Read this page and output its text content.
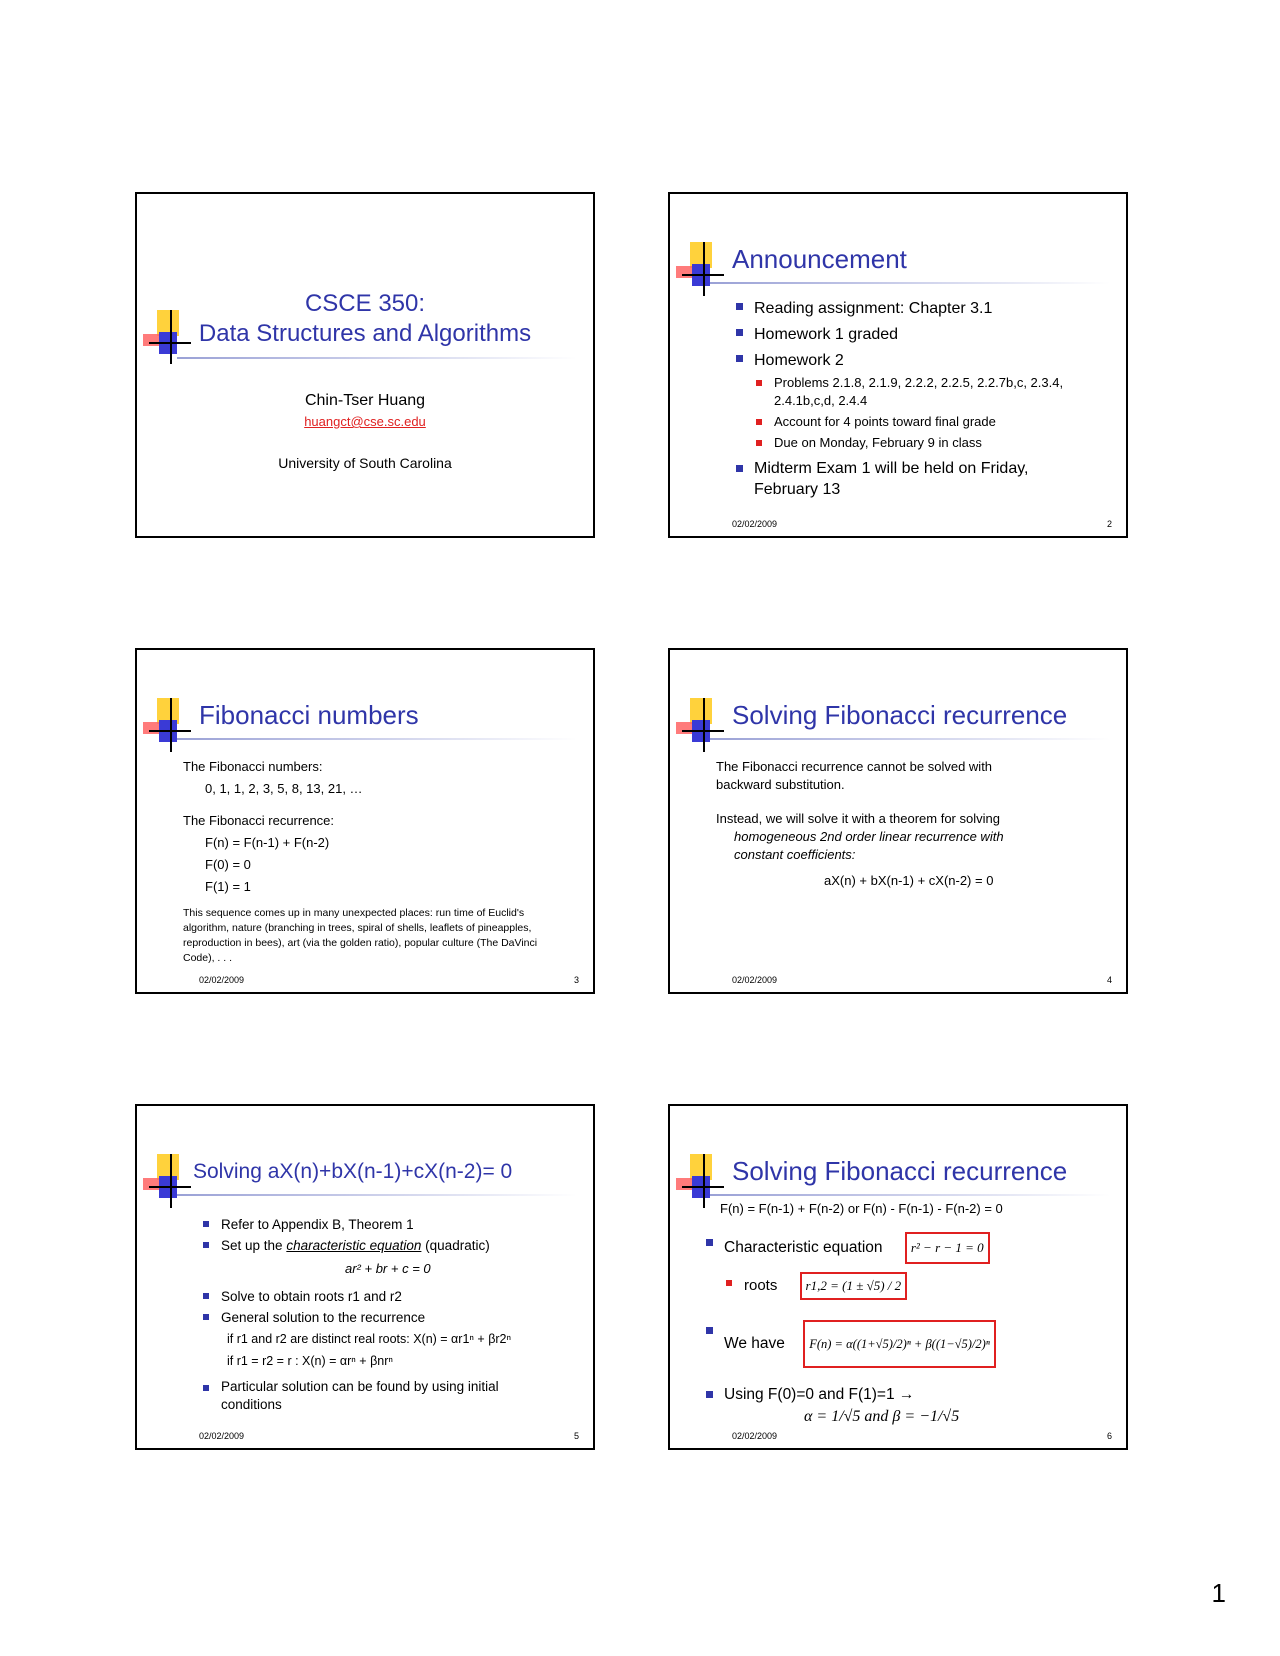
CSCE 350:
Data Structures and Algorithms
Chin-Tser Huang
huangct@cse.sc.edu
University of South Carolina
Announcement
Reading assignment: Chapter 3.1
Homework 1 graded
Homework 2
Problems 2.1.8, 2.1.9, 2.2.2, 2.2.5, 2.2.7b,c, 2.3.4, 2.4.1b,c,d, 2.4.4
Account for 4 points toward final grade
Due on Monday, February 9 in class
Midterm Exam 1 will be held on Friday, February 13
02/02/2009	2
Fibonacci numbers
The Fibonacci numbers:
0, 1, 1, 2, 3, 5, 8, 13, 21, …
The Fibonacci recurrence:
F(n) = F(n-1) + F(n-2)
F(0) = 0
F(1) = 1
This sequence comes up in many unexpected places: run time of Euclid's algorithm, nature (branching in trees, spiral of shells, leaflets of pineapples, reproduction in bees), art (via the golden ratio), popular culture (The DaVinci Code), . . .
02/02/2009	3
Solving Fibonacci recurrence
The Fibonacci recurrence cannot be solved with backward substitution.
Instead, we will solve it with a theorem for solving
homogeneous 2nd order linear recurrence with constant coefficients:
aX(n) + bX(n-1) + cX(n-2) = 0
02/02/2009	4
Solving aX(n)+bX(n-1)+cX(n-2)= 0
Refer to Appendix B, Theorem 1
Set up the characteristic equation (quadratic)
ar² + br + c = 0
Solve to obtain roots r1 and r2
General solution to the recurrence
if r1 and r2 are distinct real roots: X(n) = αr1ⁿ + βr2ⁿ
if r1 = r2 = r : X(n) = αrⁿ + βnrⁿ
Particular solution can be found by using initial conditions
02/02/2009	5
Solving Fibonacci recurrence
F(n) = F(n-1) + F(n-2) or F(n) - F(n-1) - F(n-2) = 0
Characteristic equation r² − r − 1 = 0
roots r1,2 = (1 ± √5) / 2
We have F(n) = α((1+√5)/2)ⁿ + β((1−√5)/2)ⁿ
Using F(0)=0 and F(1)=1 →
α = 1/√5 and β = −1/√5
02/02/2009	6
1
